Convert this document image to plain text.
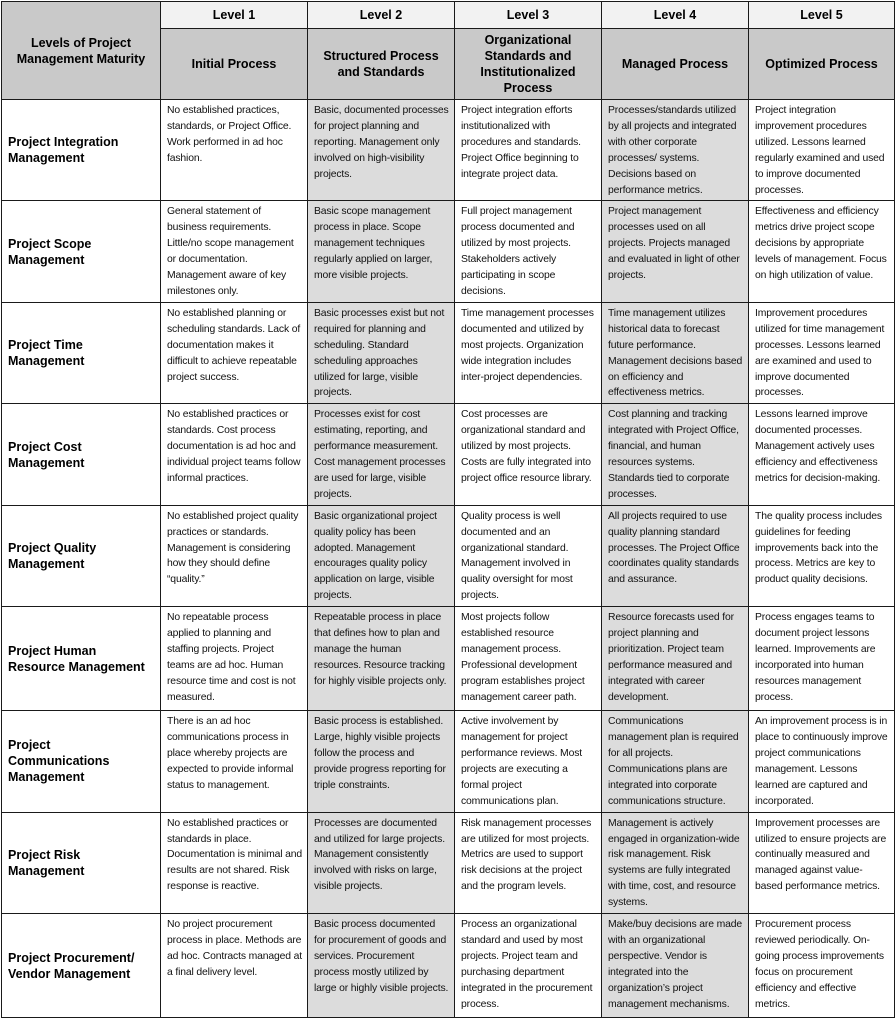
Levels of Project Management Maturity	Level 1	Level 2	Level 3	Level 4	Level 5
	Initial Process	Structured Process and Standards	Organizational Standards and Institutionalized Process	Managed Process	Optimized Process
Project Integration Management	No established practices, standards, or Project Office. Work performed in ad hoc fashion.	Basic, documented processes for project planning and reporting. Management only involved on high-visibility projects.	Project integration efforts institutionalized with procedures and standards. Project Office beginning to integrate project data.	Processes/standards utilized by all projects and integrated with other corporate processes/ systems. Decisions based on performance metrics.	Project integration improvement procedures utilized. Lessons learned regularly examined and used to improve documented processes.
Project Scope Management	General statement of business requirements. Little/no scope management or documentation. Management aware of key milestones only.	Basic scope management process in place. Scope management techniques regularly applied on larger, more visible projects.	Full project management process documented and utilized by most projects. Stakeholders actively participating in scope decisions.	Project management processes used on all projects. Projects managed and evaluated in light of other projects.	Effectiveness and efficiency metrics drive project scope decisions by appropriate levels of management. Focus on high utilization of value.
Project Time Management	No established planning or scheduling standards. Lack of documentation makes it difficult to achieve repeatable project success.	Basic processes exist but not required for planning and scheduling. Standard scheduling approaches utilized for large, visible projects.	Time management processes documented and utilized by most projects. Organization wide integration includes inter-project dependencies.	Time management utilizes historical data to forecast future performance. Management decisions based on efficiency and effectiveness metrics.	Improvement procedures utilized for time management processes. Lessons learned are examined and used to improve documented processes.
Project Cost Management	No established practices or standards. Cost process documentation is ad hoc and individual project teams follow informal practices.	Processes exist for cost estimating, reporting, and performance measurement. Cost management processes are used for large, visible projects.	Cost processes are organizational standard and utilized by most projects. Costs are fully integrated into project office resource library.	Cost planning and tracking integrated with Project Office, financial, and human resources systems. Standards tied to corporate processes.	Lessons learned improve documented processes. Management actively uses efficiency and effectiveness metrics for decision-making.
Project Quality Management	No established project quality practices or standards. Management is considering how they should define “quality.”	Basic organizational project quality policy has been adopted. Management encourages quality policy application on large, visible projects.	Quality process is well documented and an organizational standard. Management involved in quality oversight for most projects.	All projects required to use quality planning standard processes. The Project Office coordinates quality standards and assurance.	The quality process includes guidelines for feeding improvements back into the process. Metrics are key to product quality decisions.
Project Human Resource Management	No repeatable process applied to planning and staffing projects. Project teams are ad hoc. Human resource time and cost is not measured.	Repeatable process in place that defines how to plan and manage the human resources. Resource tracking for highly visible projects only.	Most projects follow established resource management process. Professional development program establishes project management career path.	Resource forecasts used for project planning and prioritization. Project team performance measured and integrated with career development.	Process engages teams to document project lessons learned. Improvements are incorporated into human resources management process.
Project Communications Management	There is an ad hoc communications process in place whereby projects are expected to provide informal status to management.	Basic process is established. Large, highly visible projects follow the process and provide progress reporting for triple constraints.	Active involvement by management for project performance reviews. Most projects are executing a formal project communications plan.	Communications management plan is required for all projects. Communications plans are integrated into corporate communications structure.	An improvement process is in place to continuously improve project communications management. Lessons learned are captured and incorporated.
Project Risk Management	No established practices or standards in place. Documentation is minimal and results are not shared. Risk response is reactive.	Processes are documented and utilized for large projects. Management consistently involved with risks on large, visible projects.	Risk management processes are utilized for most projects. Metrics are used to support risk decisions at the project and the program levels.	Management is actively engaged in organization-wide risk management. Risk systems are fully integrated with time, cost, and resource systems.	Improvement processes are utilized to ensure projects are continually measured and managed against value-based performance metrics.
Project Procurement/ Vendor Management	No project procurement process in place. Methods are ad hoc. Contracts managed at a final delivery level.	Basic process documented for procurement of goods and services. Procurement process mostly utilized by large or highly visible projects.	Process an organizational standard and used by most projects. Project team and purchasing department integrated in the procurement process.	Make/buy decisions are made with an organizational perspective. Vendor is integrated into the organization’s project management mechanisms.	Procurement process reviewed periodically. On-going process improvements focus on procurement efficiency and effective metrics.
